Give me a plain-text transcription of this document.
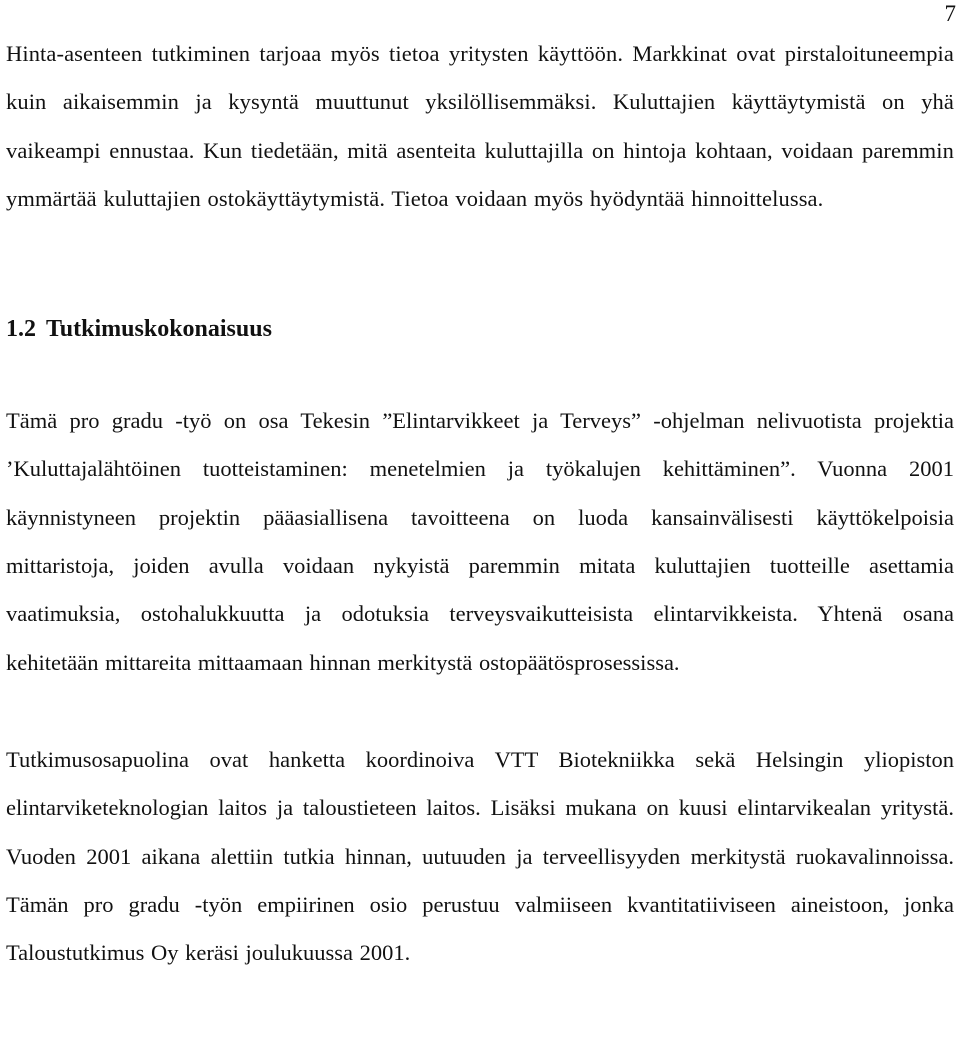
7

Hinta-asenteen tutkiminen tarjoaa myös tietoa yritysten käyttöön. Markkinat ovat pirstaloituneempia kuin aikaisemmin ja kysyntä muuttunut yksilöllisemmäksi. Kuluttajien käyttäytymistä on yhä vaikeampi ennustaa. Kun tiedetään, mitä asenteita kuluttajilla on hintoja kohtaan, voidaan paremmin ymmärtää kuluttajien ostokäyttäytymistä. Tietoa voidaan myös hyödyntää hinnoittelussa.

1.2 Tutkimuskokonaisuus

Tämä pro gradu -työ on osa Tekesin ”Elintarvikkeet ja Terveys” -ohjelman nelivuotista projektia ’Kuluttajalähtöinen tuotteistaminen: menetelmien ja työkalujen kehittäminen”. Vuonna 2001 käynnistyneen projektin pääasiallisena tavoitteena on luoda kansainvälisesti käyttökelpoisia mittaristoja, joiden avulla voidaan nykyistä paremmin mitata kuluttajien tuotteille asettamia vaatimuksia, ostohalukkuutta ja odotuksia terveysvaikutteisista elintarvikkeista. Yhtenä osana kehitetään mittareita mittaamaan hinnan merkitystä ostopäätösprosessissa.

Tutkimusosapuolina ovat hanketta koordinoiva VTT Biotekniikka sekä Helsingin yliopiston elintarviketeknologian laitos ja taloustieteen laitos. Lisäksi mukana on kuusi elintarvikealan yritystä. Vuoden 2001 aikana alettiin tutkia hinnan, uutuuden ja terveellisyyden merkitystä ruokavalinnoissa. Tämän pro gradu -työn empiirinen osio perustuu valmiiseen kvantitatiiviseen aineistoon, jonka Taloustutkimus Oy keräsi joulukuussa 2001.
